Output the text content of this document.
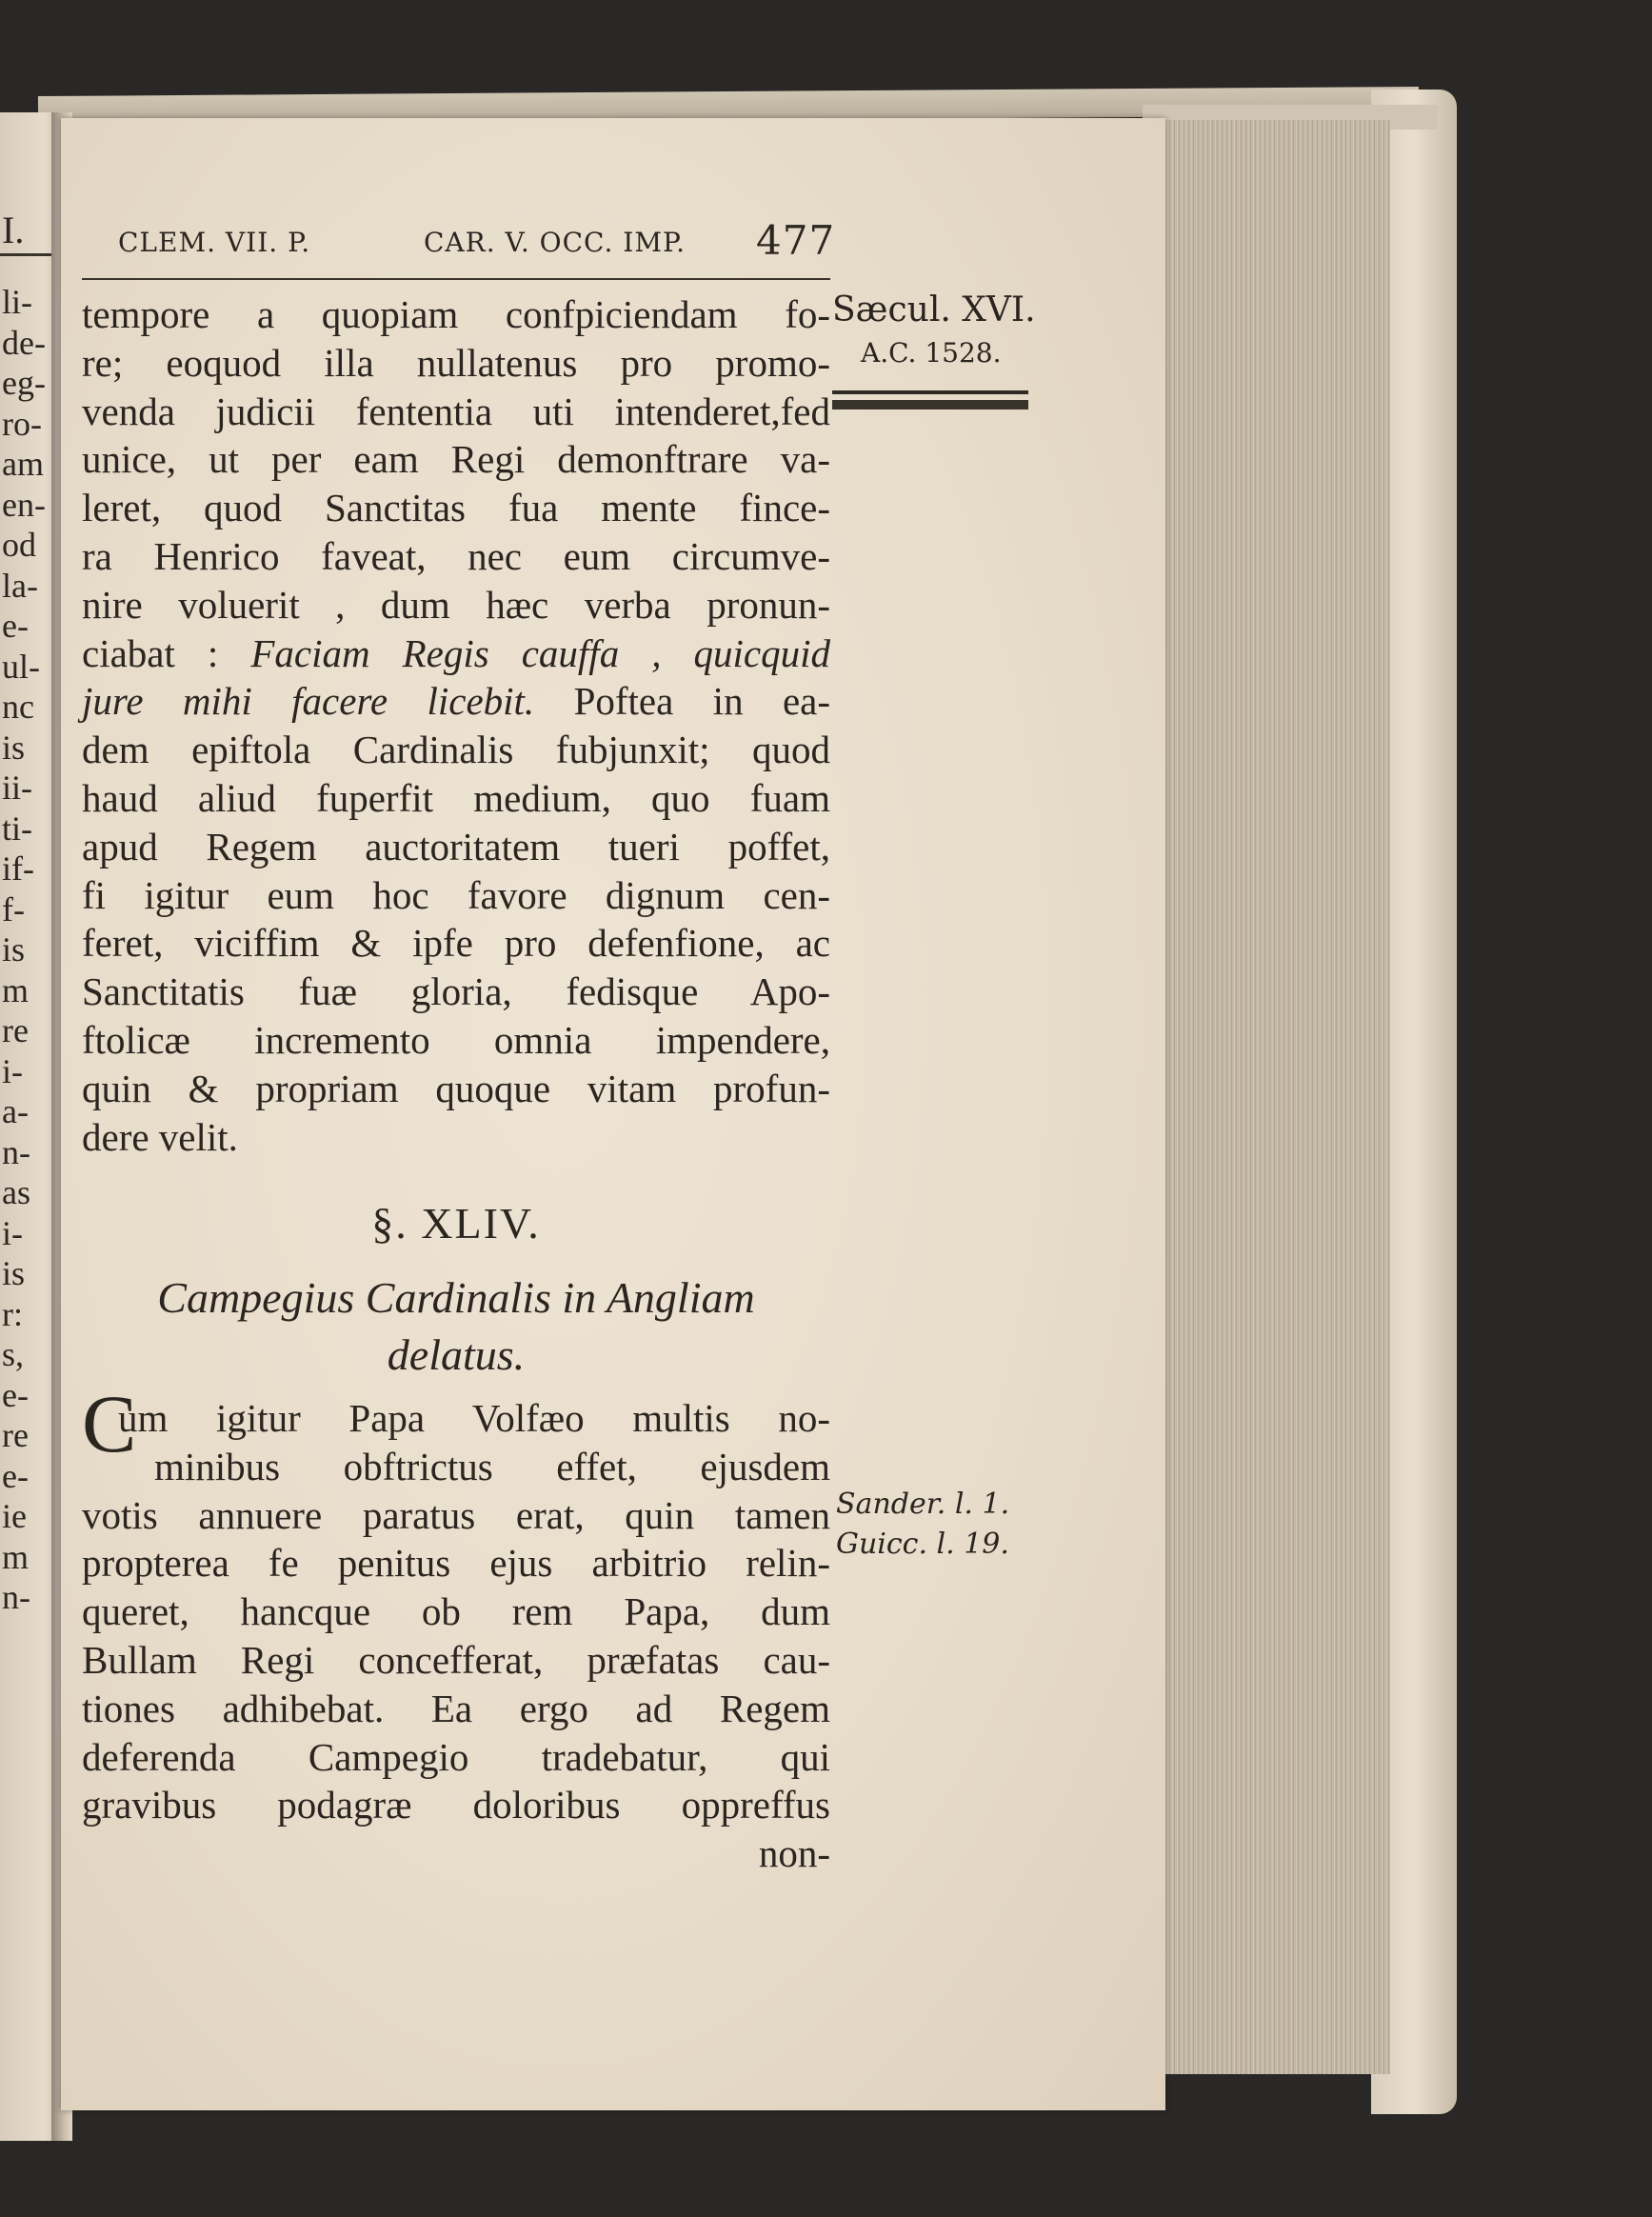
I.
li-
de-
eg-
ro-
am
en-
od
la-
e-
ul-
nc
is
ii-
ti-
if-
f-
is
m
re
i-
a-
n-
as
i-
is
r:
s,
e-
re
e-
ie
m
n-
CLEM. VII. P.	CAR. V. OCC. IMP. 477
Sæcul. XVI.
A.C. 1528.
Sander. l. 1.
Guicc. l. 19.
tempore a quopiam confpiciendam fo-
re; eoquod illa nullatenus pro promo-
venda judicii fententia uti intenderet,fed
unice, ut per eam Regi demonftrare va-
leret, quod Sanctitas fua mente fince-
ra Henrico faveat, nec eum circumve-
nire voluerit , dum hæc verba pronun-
ciabat : Faciam Regis cauffa , quicquid
jure mihi facere licebit. Poftea in ea-
dem epiftola Cardinalis fubjunxit; quod
haud aliud fuperfit medium, quo fuam
apud Regem auctoritatem tueri poffet,
fi igitur eum hoc favore dignum cen-
feret, viciffim & ipfe pro defenfione, ac
Sanctitatis fuæ gloria, fedisque Apo-
ftolicæ incremento omnia impendere,
quin & propriam quoque vitam profun-
dere velit.
§. XLIV.
Campegius Cardinalis in Angliam
delatus.
C
um igitur Papa Volfæo multis no-
minibus obftrictus effet, ejusdem
votis annuere paratus erat, quin tamen
propterea fe penitus ejus arbitrio relin-
queret, hancque ob rem Papa, dum
Bullam Regi concefferat, præfatas cau-
tiones adhibebat. Ea ergo ad Regem
deferenda Campegio tradebatur, qui
gravibus podagræ doloribus oppreffus
non-
